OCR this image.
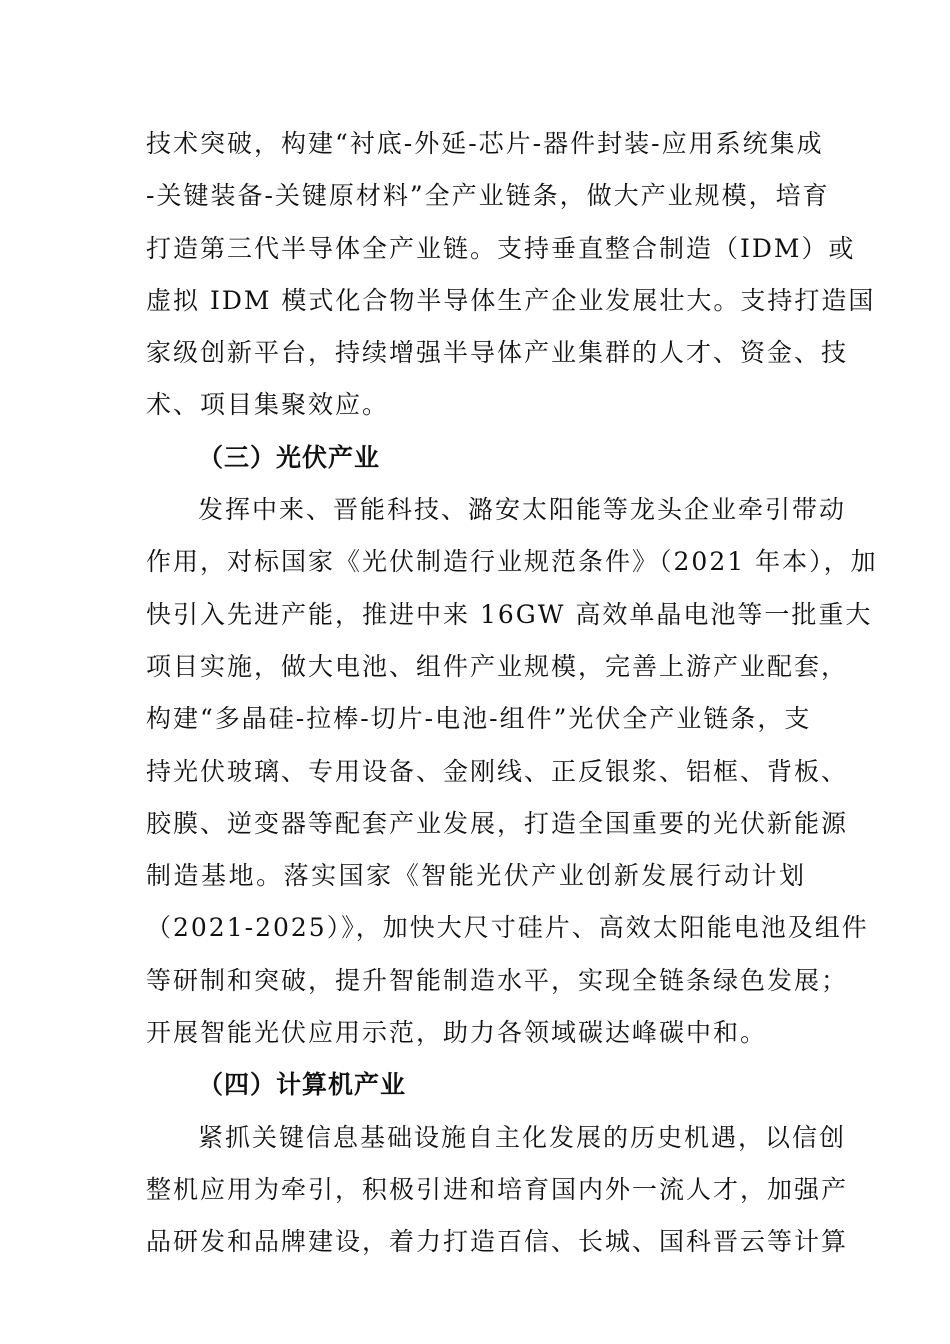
技术突破，构建“衬底-外延-芯片-器件封装-应用系统集成
-关键装备-关键原材料”全产业链条，做大产业规模，培育
打造第三代半导体全产业链。支持垂直整合制造（IDM）或
虚拟 IDM 模式化合物半导体生产企业发展壮大。支持打造国
家级创新平台，持续增强半导体产业集群的人才、资金、技
术、项目集聚效应。
（三）光伏产业
发挥中来、晋能科技、潞安太阳能等龙头企业牵引带动
作用，对标国家《光伏制造行业规范条件》（2021 年本），加
快引入先进产能，推进中来 16GW 高效单晶电池等一批重大
项目实施，做大电池、组件产业规模，完善上游产业配套，
构建“多晶硅-拉棒-切片-电池-组件”光伏全产业链条，支
持光伏玻璃、专用设备、金刚线、正反银浆、铝框、背板、
胶膜、逆变器等配套产业发展，打造全国重要的光伏新能源
制造基地。落实国家《智能光伏产业创新发展行动计划
（2021-2025）》，加快大尺寸硅片、高效太阳能电池及组件
等研制和突破，提升智能制造水平，实现全链条绿色发展；
开展智能光伏应用示范，助力各领域碳达峰碳中和。
（四）计算机产业
紧抓关键信息基础设施自主化发展的历史机遇，以信创
整机应用为牵引，积极引进和培育国内外一流人才，加强产
品研发和品牌建设，着力打造百信、长城、国科晋云等计算
